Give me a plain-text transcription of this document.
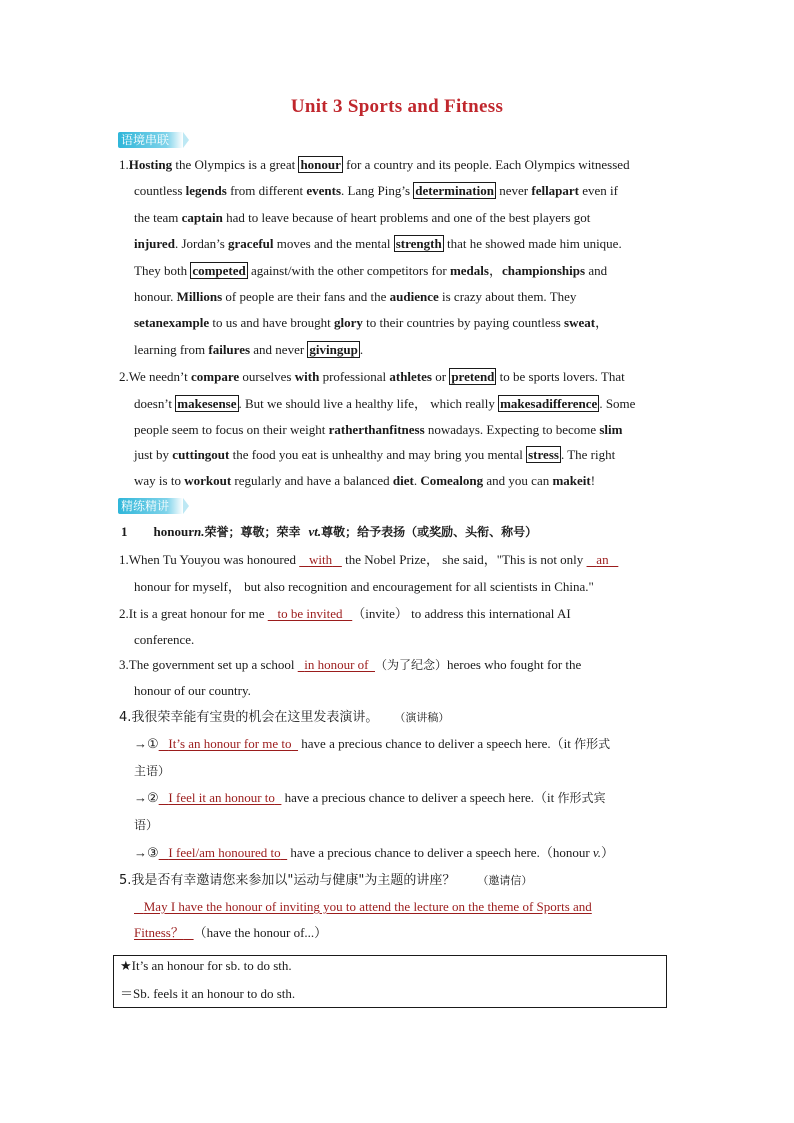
Unit 3 Sports and Fitness
语境串联
1.Hosting the Olympics is a great honour for a country and its people. Each Olympics witnessed
countless legends from different events. Lang Ping’s determination never fellapart even if
the team captain had to leave because of heart problems and one of the best players got
injured. Jordan’s graceful moves and the mental strength that he showed made him unique.
They both competed against/with the other competitors for medals，championships and
honour. Millions of people are their fans and the audience is crazy about them. They
setanexample to us and have brought glory to their countries by paying countless sweat，
learning from failures and never givingup .
2.We needn’t compare ourselves with professional athletes or pretend to be sports lovers. That
doesn’t makesense . But we should live a healthy life， which really makesadifference . Some
people seem to focus on their weight ratherthanfitness nowadays. Expecting to become slim
just by cuttingout the food you eat is unhealthy and may bring you mental stress . The right
way is to workout regularly and have a balanced diet. Comealong and you can makeit!
精练精讲
1 honourn.荣誉；尊敬；荣幸 vt.尊敬；给予表扬（或奖励、头衔、称号）
1.When Tu Youyou was honoured    with    the Nobel Prize， she said，"This is not only    an
honour for myself， but also recognition and encouragement for all scientists in China."
2.It is a great honour for me    to be invited （invite） to address this international AI
conference.
3.The government set up a school   in honour of （为了纪念）heroes who fought for the
honour of our country.
4.我很荣幸能有宝贵的机会在这里发表演讲。 （演讲稿）
→① It’s an honour for me to   have a precious chance to deliver a speech here.（it 作形式
主语）
→② I feel it an honour to   have a precious chance to deliver a speech here.（it 作形式宾
语）
→③ I feel/am honoured to   have a precious chance to deliver a speech here.（honour v.）
5.我是否有幸邀请您来参加以"运动与健康"为主题的讲座？ （邀请信）
May I have the honour of inviting you to attend the lecture on the theme of Sports and
Fitness？ （have the honour of...）
★It’s an honour for sb. to do sth.
＝Sb. feels it an honour to do sth.
